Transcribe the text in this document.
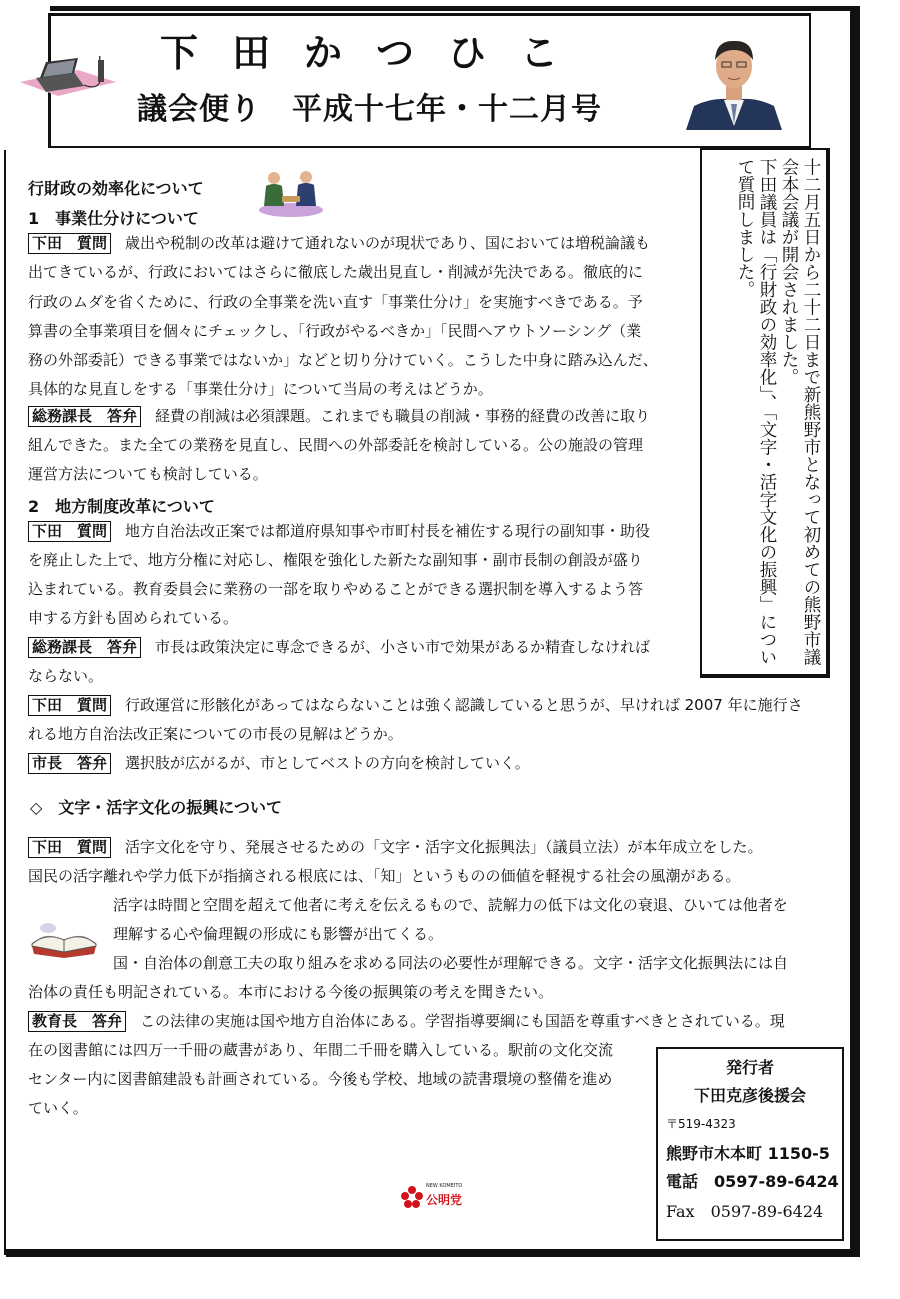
下田かつひこ
議会便り　平成十七年・十二月号
十二月五日から二十二日まで新熊野市となって初めての熊野市議
会本会議が開会されました。
下田議員は「行財政の効率化」、「文字・活字文化の振興」につい
て質問しました。
行財政の効率化について
1　事業仕分けについて
下田　質問 歳出や税制の改革は避けて通れないのが現状であり、国においては増税論議も
出てきているが、行政においてはさらに徹底した歳出見直し・削減が先決である。徹底的に
行政のムダを省くために、行政の全事業を洗い直す「事業仕分け」を実施すべきである。予
算書の全事業項目を個々にチェックし、「行政がやるべきか」「民間へアウトソーシング（業
務の外部委託）できる事業ではないか」などと切り分けていく。こうした中身に踏み込んだ、
具体的な見直しをする「事業仕分け」について当局の考えはどうか。
総務課長　答弁 経費の削減は必須課題。これまでも職員の削減・事務的経費の改善に取り
組んできた。また全ての業務を見直し、民間への外部委託を検討している。公の施設の管理
運営方法についても検討している。
2　地方制度改革について
下田　質問 地方自治法改正案では都道府県知事や市町村長を補佐する現行の副知事・助役
を廃止した上で、地方分権に対応し、権限を強化した新たな副知事・副市長制の創設が盛り
込まれている。教育委員会に業務の一部を取りやめることができる選択制を導入するよう答
申する方針も固められている。
総務課長　答弁 市長は政策決定に専念できるが、小さい市で効果があるか精査しなければ
ならない。
下田　質問 行政運営に形骸化があってはならないことは強く認識していると思うが、早ければ 2007 年に施行さ
れる地方自治法改正案についての市長の見解はどうか。
市長　答弁 選択肢が広がるが、市としてベストの方向を検討していく。
◇　文字・活字文化の振興について
下田　質問 活字文化を守り、発展させるための「文字・活字文化振興法」（議員立法）が本年成立をした。
国民の活字離れや学力低下が指摘される根底には、「知」というものの価値を軽視する社会の風潮がある。
活字は時間と空間を超えて他者に考えを伝えるもので、読解力の低下は文化の衰退、ひいては他者を
理解する心や倫理観の形成にも影響が出てくる。
国・自治体の創意工夫の取り組みを求める同法の必要性が理解できる。文字・活字文化振興法には自
治体の責任も明記されている。本市における今後の振興策の考えを聞きたい。
教育長　答弁 この法律の実施は国や地方自治体にある。学習指導要綱にも国語を尊重すべきとされている。現
在の図書館には四万一千冊の蔵書があり、年間二千冊を購入している。駅前の文化交流
センター内に図書館建設も計画されている。今後も学校、地域の読書環境の整備を進め
ていく。
発行者
下田克彦後援会
〒519-4323
熊野市木本町 1150-5
電話　0597-89-6424
Fax　0597-89-6424
NEW KOMEITO
公明党
